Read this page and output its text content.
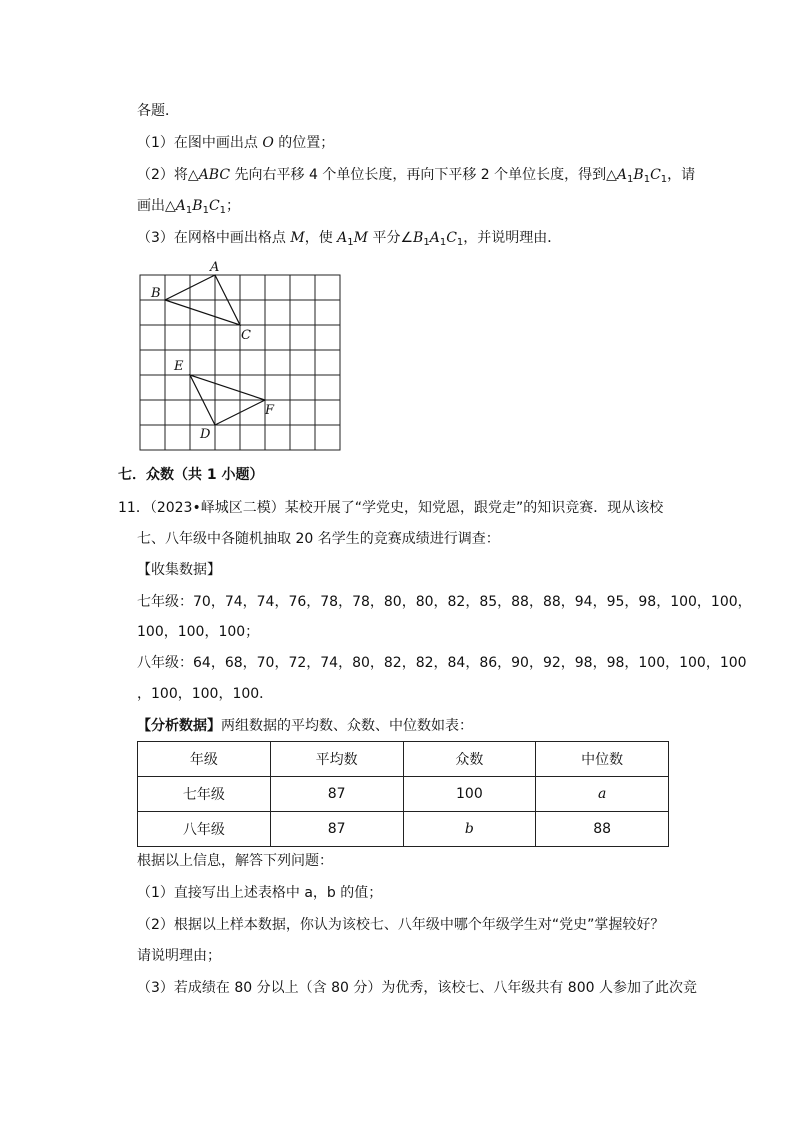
各题．
（1）在图中画出点 O 的位置；
（2）将△ABC 先向右平移 4 个单位长度，再向下平移 2 个单位长度，得到$\triangle A_1B_1C_1$，请
画出$\triangle A_1B_1C_1$；
（3）在网格中画出格点 M，使 $A_1M$ 平分$\angle B_1A_1C_1$，并说明理由．
A
B
C
E
F
D
七．众数（共 1 小题）
11．（2023•峄城区二模）某校开展了“学党史，知党恩，跟党走”的知识竞赛．现从该校
七、八年级中各随机抽取 20 名学生的竞赛成绩进行调查：
【收集数据】
七年级：70，74，74，76，78，78，80，80，82，85，88，88，94，95，98，100，100，
100，100，100；
八年级：64，68，70，72，74，80，82，82，84，86，90，92，98，98，100，100，100
，100，100，100．
【分析数据】两组数据的平均数、众数、中位数如表：
年级	平均数	众数	中位数
七年级	87	100	a
八年级	87	b	88
根据以上信息，解答下列问题：
（1）直接写出上述表格中 a，b 的值；
（2）根据以上样本数据，你认为该校七、八年级中哪个年级学生对“党史”掌握较好？
请说明理由；
（3）若成绩在 80 分以上（含 80 分）为优秀，该校七、八年级共有 800 人参加了此次竞
